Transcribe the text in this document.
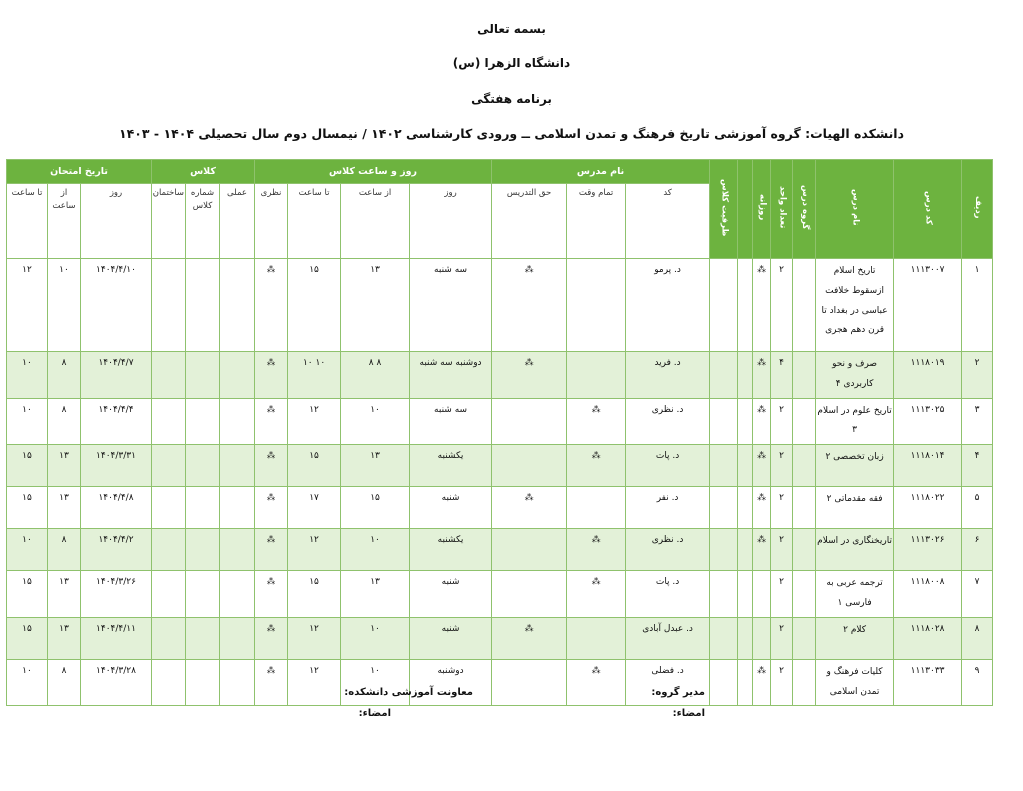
بسمه تعالی
دانشگاه الزهرا (س)
برنامه هفتگی
دانشکده الهیات: گروه آموزشی تاریخ فرهنگ و تمدن اسلامی ــ ورودی کارشناسی ۱۴۰۲ / نیمسال دوم سال تحصیلی ۱۴۰۴ - ۱۴۰۳
ردیف	کد درس	نام درس	گروه درس	تعداد واحد	روزانه		ظرفیت کلاس	نام مدرس			روز و ساعت کلاس				کلاس			تاریخ امتحان		
								کد	تمام وقت	حق التدریس	روز	از ساعت	تا ساعت	نظری	عملی	شماره کلاس	ساختمان	روز	از ساعت	تا ساعت
۱	۱۱۱۳۰۰۷	تاریخ اسلام ازسقوط خلافت عباسی در بغداد تا قرن دهم هجری		۲	⁂			د. پرمو		⁂	سه شنبه	۱۳	۱۵	⁂				۱۴۰۴/۴/۱۰	۱۰	۱۲
۲	۱۱۱۸۰۱۹	صرف و نحو کاربردی ۴		۴	⁂			د. فرید		⁂	دوشنبه سه شنبه	۸ ۸	۱۰ ۱۰	⁂				۱۴۰۴/۴/۷	۸	۱۰
۳	۱۱۱۳۰۲۵	تاریخ علوم در اسلام ۳		۲	⁂			د. نظری	⁂		سه شنبه	۱۰	۱۲	⁂				۱۴۰۴/۴/۴	۸	۱۰
۴	۱۱۱۸۰۱۴	زبان تخصصی ۲		۲	⁂			د. پات	⁂		یکشنبه	۱۳	۱۵	⁂				۱۴۰۴/۳/۳۱	۱۳	۱۵
۵	۱۱۱۸۰۲۲	فقه مقدماتی ۲		۲	⁂			د. نفر		⁂	شنبه	۱۵	۱۷	⁂				۱۴۰۴/۴/۸	۱۳	۱۵
۶	۱۱۱۳۰۲۶	تاریخنگاری در اسلام		۲	⁂			د. نظری	⁂		یکشنبه	۱۰	۱۲	⁂				۱۴۰۴/۴/۲	۸	۱۰
۷	۱۱۱۸۰۰۸	ترجمه عربی به فارسی ۱		۲				د. پات	⁂		شنبه	۱۳	۱۵	⁂				۱۴۰۴/۳/۲۶	۱۳	۱۵
۸	۱۱۱۸۰۲۸	کلام ۲		۲				د. عبدل آبادی		⁂	شنبه	۱۰	۱۲	⁂				۱۴۰۴/۴/۱۱	۱۳	۱۵
۹	۱۱۱۳۰۳۳	کلیات فرهنگ و تمدن اسلامی		۲	⁂			د. فضلی	⁂		دوشنبه	۱۰	۱۲	⁂				۱۴۰۴/۳/۲۸	۸	۱۰
مدیر گروه:
معاونت آموزشی دانشکده:
امضاء:
امضاء:
